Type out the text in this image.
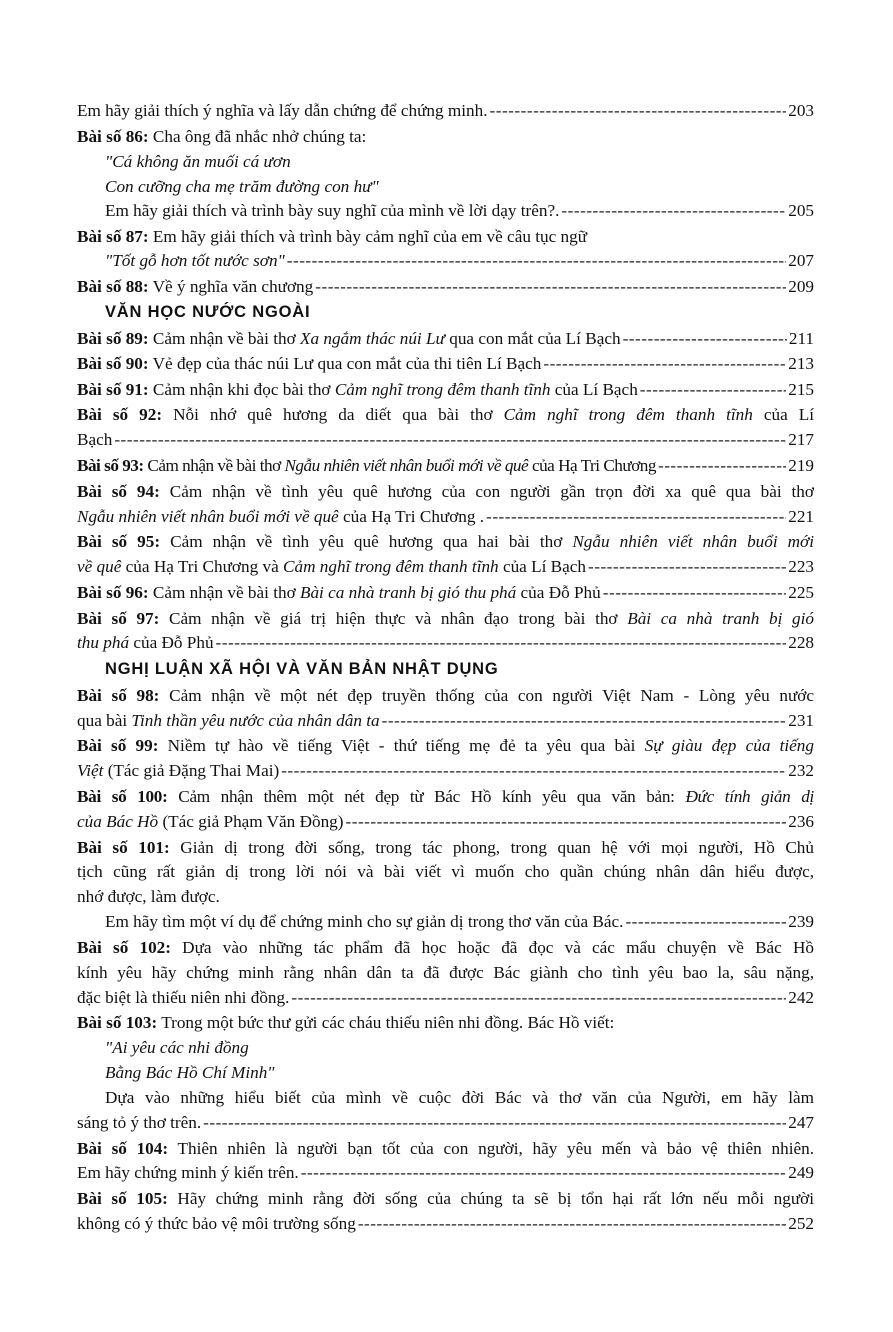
Em hãy giải thích ý nghĩa và lấy dẫn chứng để chứng minh. -----	203
Bài số 86: Cha ông đã nhắc nhở chúng ta:
"Cá không ăn muối cá ươn
Con cưỡng cha mẹ trăm đường con hư"
Em hãy giải thích và trình bày suy nghĩ của mình về lời dạy trên?. -----	205
Bài số 87: Em hãy giải thích và trình bày cảm nghĩ của em về câu tục ngữ
"Tốt gỗ hơn tốt nước sơn" -----	207
Bài số 88: Về ý nghĩa văn chương -----	209
VĂN HỌC NƯỚC NGOÀI
Bài số 89: Cảm nhận về bài thơ Xa ngắm thác núi Lư qua con mắt của Lí Bạch -----	211
Bài số 90: Vẻ đẹp của thác núi Lư qua con mắt của thi tiên Lí Bạch -----	213
Bài số 91: Cảm nhận khi đọc bài thơ Cảm nghĩ trong đêm thanh tĩnh của Lí Bạch -----	215
Bài số 92: Nỗi nhớ quê hương da diết qua bài thơ Cảm nghĩ trong đêm thanh tĩnh của Lí
Bạch -----	217
Bài số 93: Cảm nhận về bài thơ Ngẫu nhiên viết nhân buổi mới về quê của Hạ Tri Chương -----	219
Bài số 94: Cảm nhận về tình yêu quê hương của con người gần trọn đời xa quê qua bài thơ
Ngẫu nhiên viết nhân buổi mới về quê của Hạ Tri Chương . -----	221
Bài số 95: Cảm nhận về tình yêu quê hương qua hai bài thơ Ngẫu nhiên viết nhân buổi mới
về quê của Hạ Tri Chương và Cảm nghĩ trong đêm thanh tĩnh của Lí Bạch -----	223
Bài số 96: Cảm nhận về bài thơ Bài ca nhà tranh bị gió thu phá của Đỗ Phủ -----	225
Bài số 97: Cảm nhận về giá trị hiện thực và nhân đạo trong bài thơ Bài ca nhà tranh bị gió
thu phá của Đỗ Phủ -----	228
NGHỊ LUẬN XÃ HỘI VÀ VĂN BẢN NHẬT DỤNG
Bài số 98: Cảm nhận về một nét đẹp truyền thống của con người Việt Nam - Lòng yêu nước
qua bài Tinh thần yêu nước của nhân dân ta -----	231
Bài số 99: Niềm tự hào về tiếng Việt - thứ tiếng mẹ đẻ ta yêu qua bài Sự giàu đẹp của tiếng
Việt (Tác giả Đặng Thai Mai) -----	232
Bài số 100: Cảm nhận thêm một nét đẹp từ Bác Hồ kính yêu qua văn bản: Đức tính giản dị
của Bác Hồ (Tác giả Phạm Văn Đồng) -----	236
Bài số 101: Giản dị trong đời sống, trong tác phong, trong quan hệ với mọi người, Hồ Chủ
tịch cũng rất giản dị trong lời nói và bài viết vì muốn cho quần chúng nhân dân hiểu được,
nhớ được, làm được.
Em hãy tìm một ví dụ để chứng minh cho sự giản dị trong thơ văn của Bác. -----	239
Bài số 102: Dựa vào những tác phẩm đã học hoặc đã đọc và các mẩu chuyện về Bác Hồ
kính yêu hãy chứng minh rằng nhân dân ta đã được Bác giành cho tình yêu bao la, sâu nặng,
đặc biệt là thiếu niên nhi đồng. -----	242
Bài số 103: Trong một bức thư gửi các cháu thiếu niên nhi đồng. Bác Hồ viết:
"Ai yêu các nhi đồng
Bằng Bác Hồ Chí Minh"
Dựa vào những hiểu biết của mình về cuộc đời Bác và thơ văn của Người, em hãy làm
sáng tỏ ý thơ trên. -----	247
Bài số 104: Thiên nhiên là người bạn tốt của con người, hãy yêu mến và bảo vệ thiên nhiên.
Em hãy chứng minh ý kiến trên. -----	249
Bài số 105: Hãy chứng minh rằng đời sống của chúng ta sẽ bị tổn hại rất lớn nếu mỗi người
không có ý thức bảo vệ môi trường sống -----	252
